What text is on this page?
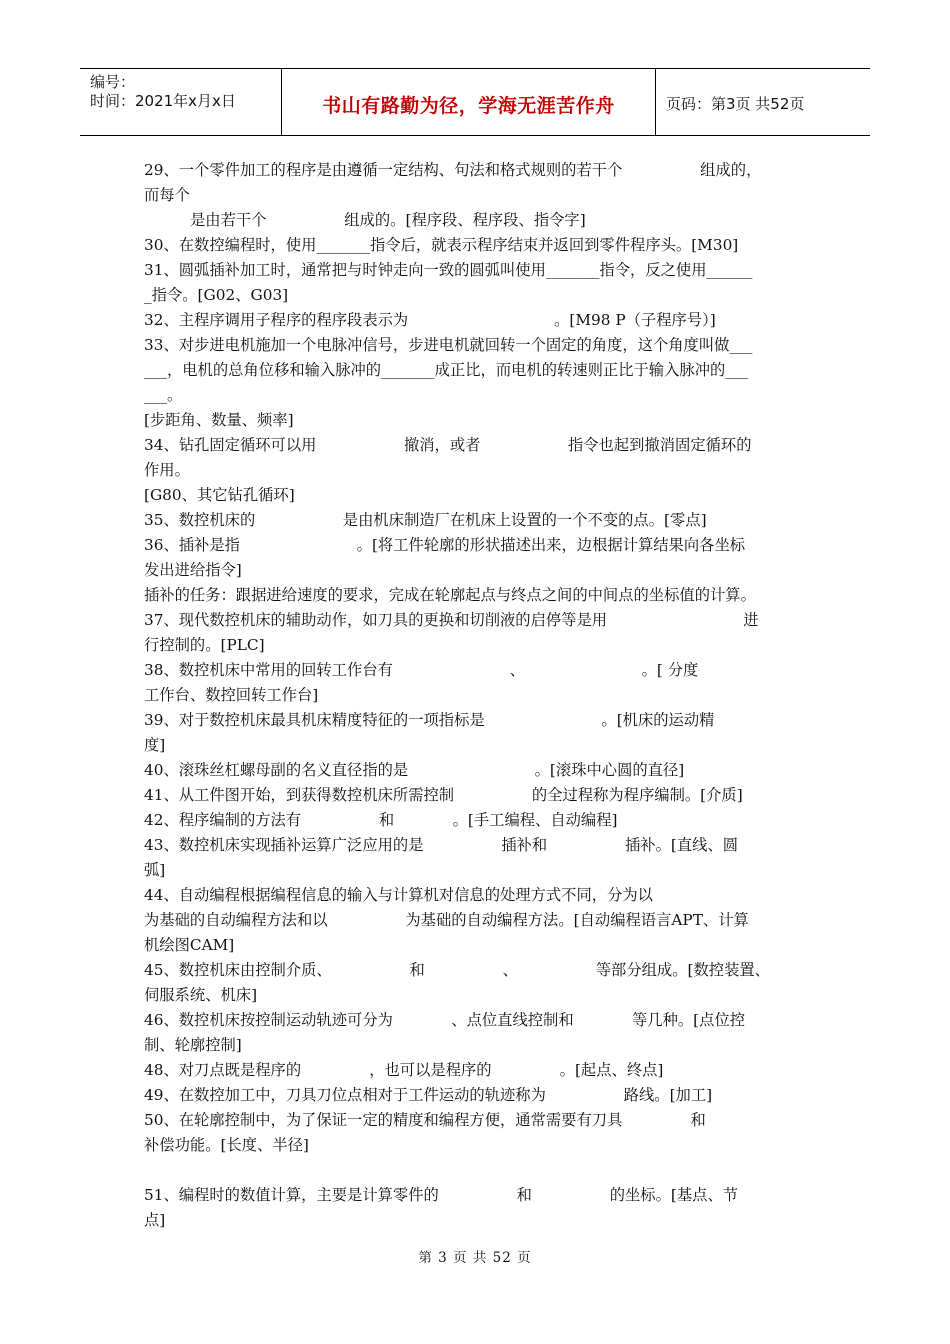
编号：
时间：2021年x月x日	书山有路勤为径，学海无涯苦作舟	页码：第3页 共52页
29、一个零件加工的程序是由遵循一定结构、句法和格式规则的若干个                组成的，
而每个
是由若干个                组成的。[程序段、程序段、指令字]
30、在数控编程时，使用_______指令后，就表示程序结束并返回到零件程序头。[M30]
31、圆弧插补加工时，通常把与时钟走向一致的圆弧叫使用_______指令，反之使用______
_指令。[G02、G03]
32、主程序调用子程序的程序段表示为                              。[M98 P（子程序号）]
33、对步进电机施加一个电脉冲信号，步进电机就回转一个固定的角度，这个角度叫做___
___，电机的总角位移和输入脉冲的_______成正比，而电机的转速则正比于输入脉冲的___
___。
[步距角、数量、频率]
34、钻孔固定循环可以用                  撤消，或者                  指令也起到撤消固定循环的
作用。
[G80、其它钻孔循环]
35、数控机床的                  是由机床制造厂在机床上设置的一个不变的点。[零点]
36、插补是指                        。[将工件轮廓的形状描述出来，边根据计算结果向各坐标
发出进给指令]
插补的任务：跟据进给速度的要求，完成在轮廓起点与终点之间的中间点的坐标值的计算。
37、现代数控机床的辅助动作，如刀具的更换和切削液的启停等是用                            进
行控制的。[PLC]
38、数控机床中常用的回转工作台有                        、                        。[ 分度
工作台、数控回转工作台]
39、对于数控机床最具机床精度特征的一项指标是                        。[机床的运动精
度]
40、滚珠丝杠螺母副的名义直径指的是                          。[滚珠中心圆的直径]
41、从工件图开始，到获得数控机床所需控制                的全过程称为程序编制。[介质]
42、程序编制的方法有                和            。[手工编程、自动编程]
43、数控机床实现插补运算广泛应用的是                插补和                插补。[直线、圆
弧]
44、自动编程根据编程信息的输入与计算机对信息的处理方式不同，分为以
为基础的自动编程方法和以                为基础的自动编程方法。[自动编程语言APT、计算
机绘图CAM]
45、数控机床由控制介质、                和                、                等部分组成。[数控装置、
伺服系统、机床]
46、数控机床按控制运动轨迹可分为            、点位直线控制和            等几种。[点位控
制、轮廓控制]
48、对刀点既是程序的              ，也可以是程序的              。[起点、终点]
49、在数控加工中，刀具刀位点相对于工件运动的轨迹称为                路线。[加工]
50、在轮廓控制中，为了保证一定的精度和编程方便，通常需要有刀具              和
补偿功能。[长度、半径]
51、编程时的数值计算，主要是计算零件的                和                的坐标。[基点、节
点]
第 3 页 共 52 页
